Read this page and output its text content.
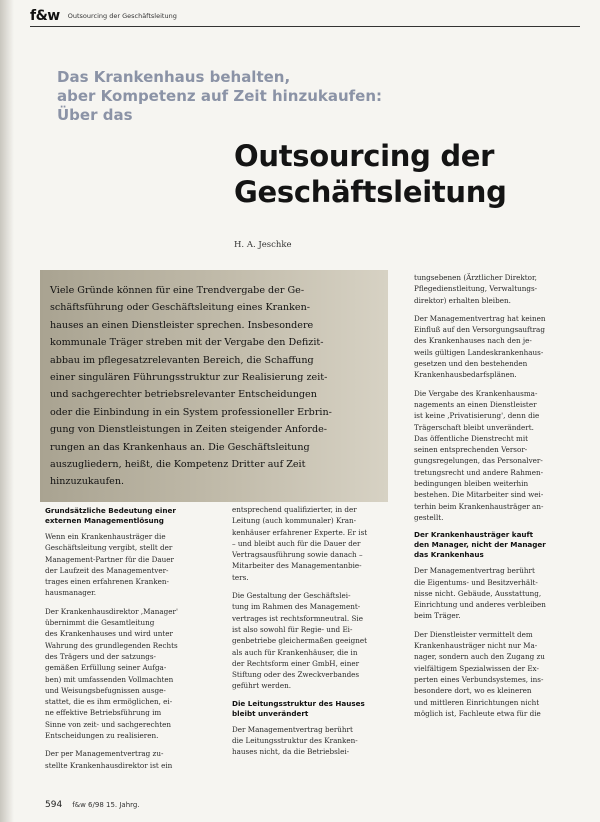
f&w Outsourcing der Geschäftsleitung
Das Krankenhaus behalten,
aber Kompetenz auf Zeit hinzukaufen:
Über das
Outsourcing der
Geschäftsleitung
H. A. Jeschke
Viele Gründe können für eine Trendvergabe der Ge-
schäftsführung oder Geschäftsleitung eines Kranken-
hauses an einen Dienstleister sprechen. Insbesondere
kommunale Träger streben mit der Vergabe den Defizit-
abbau im pflegesatzrelevanten Bereich, die Schaffung
einer singulären Führungsstruktur zur Realisierung zeit-
und sachgerechter betriebsrelevanter Entscheidungen
oder die Einbindung in ein System professioneller Erbrin-
gung von Dienstleistungen in Zeiten steigender Anforde-
rungen an das Krankenhaus an. Die Geschäftsleitung
auszugliedern, heißt, die Kompetenz Dritter auf Zeit
hinzuzukaufen.
Grundsätzliche Bedeutung einer
externen Managementlösung
Wenn ein Krankenhausträger die
Geschäftsleitung vergibt, stellt der
Management-Partner für die Dauer
der Laufzeit des Managementver-
trages einen erfahrenen Kranken-
hausmanager.
Der Krankenhausdirektor ‚Manager'
übernimmt die Gesamtleitung
des Krankenhauses und wird unter
Wahrung des grundlegenden Rechts
des Trägers und der satzungs-
gemäßen Erfüllung seiner Aufga-
ben) mit umfassenden Vollmachten
und Weisungsbefugnissen ausge-
stattet, die es ihm ermöglichen, ei-
ne effektive Betriebsführung im
Sinne von zeit- und sachgerechten
Entscheidungen zu realisieren.
Der per Managementvertrag zu-
stellte Krankenhausdirektor ist ein
entsprechend qualifizierter, in der
Leitung (auch kommunaler) Kran-
kenhäuser erfahrener Experte. Er ist
– und bleibt auch für die Dauer der
Vertragsausführung sowie danach –
Mitarbeiter des Managementanbie-
ters.
Die Gestaltung der Geschäftslei-
tung im Rahmen des Management-
vertrages ist rechtsformneutral. Sie
ist also sowohl für Regie- und Ei-
genbetriebe gleichermaßen geeignet
als auch für Krankenhäuser, die in
der Rechtsform einer GmbH, einer
Stiftung oder des Zweckverbandes
geführt werden.
Die Leitungsstruktur des Hauses
bleibt unverändert
Der Managementvertrag berührt
die Leitungsstruktur des Kranken-
hauses nicht, da die Betriebslei-
tungsebenen (Ärztlicher Direktor,
Pflegedienstleitung, Verwaltungs-
direktor) erhalten bleiben.
Der Managementvertrag hat keinen
Einfluß auf den Versorgungsauftrag
des Krankenhauses nach den je-
weils gültigen Landeskrankenhaus-
gesetzen und den bestehenden
Krankenhausbedarfsplänen.
Die Vergabe des Krankenhausma-
nagements an einen Dienstleister
ist keine ‚Privatisierung', denn die
Trägerschaft bleibt unverändert.
Das öffentliche Dienstrecht mit
seinen entsprechenden Versor-
gungsregelungen, das Personalver-
tretungsrecht und andere Rahmen-
bedingungen bleiben weiterhin
bestehen. Die Mitarbeiter sind wei-
terhin beim Krankenhausträger an-
gestellt.
Der Krankenhausträger kauft
den Manager, nicht der Manager
das Krankenhaus
Der Managementvertrag berührt
die Eigentums- und Besitzverhält-
nisse nicht. Gebäude, Ausstattung,
Einrichtung und anderes verbleiben
beim Träger.
Der Dienstleister vermittelt dem
Krankenhausträger nicht nur Ma-
nager, sondern auch den Zugang zu
vielfältigem Spezialwissen der Ex-
perten eines Verbundsystemes, ins-
besondere dort, wo es kleineren
und mittleren Einrichtungen nicht
möglich ist, Fachleute etwa für die
594 f&w 6/98 15. Jahrg.
